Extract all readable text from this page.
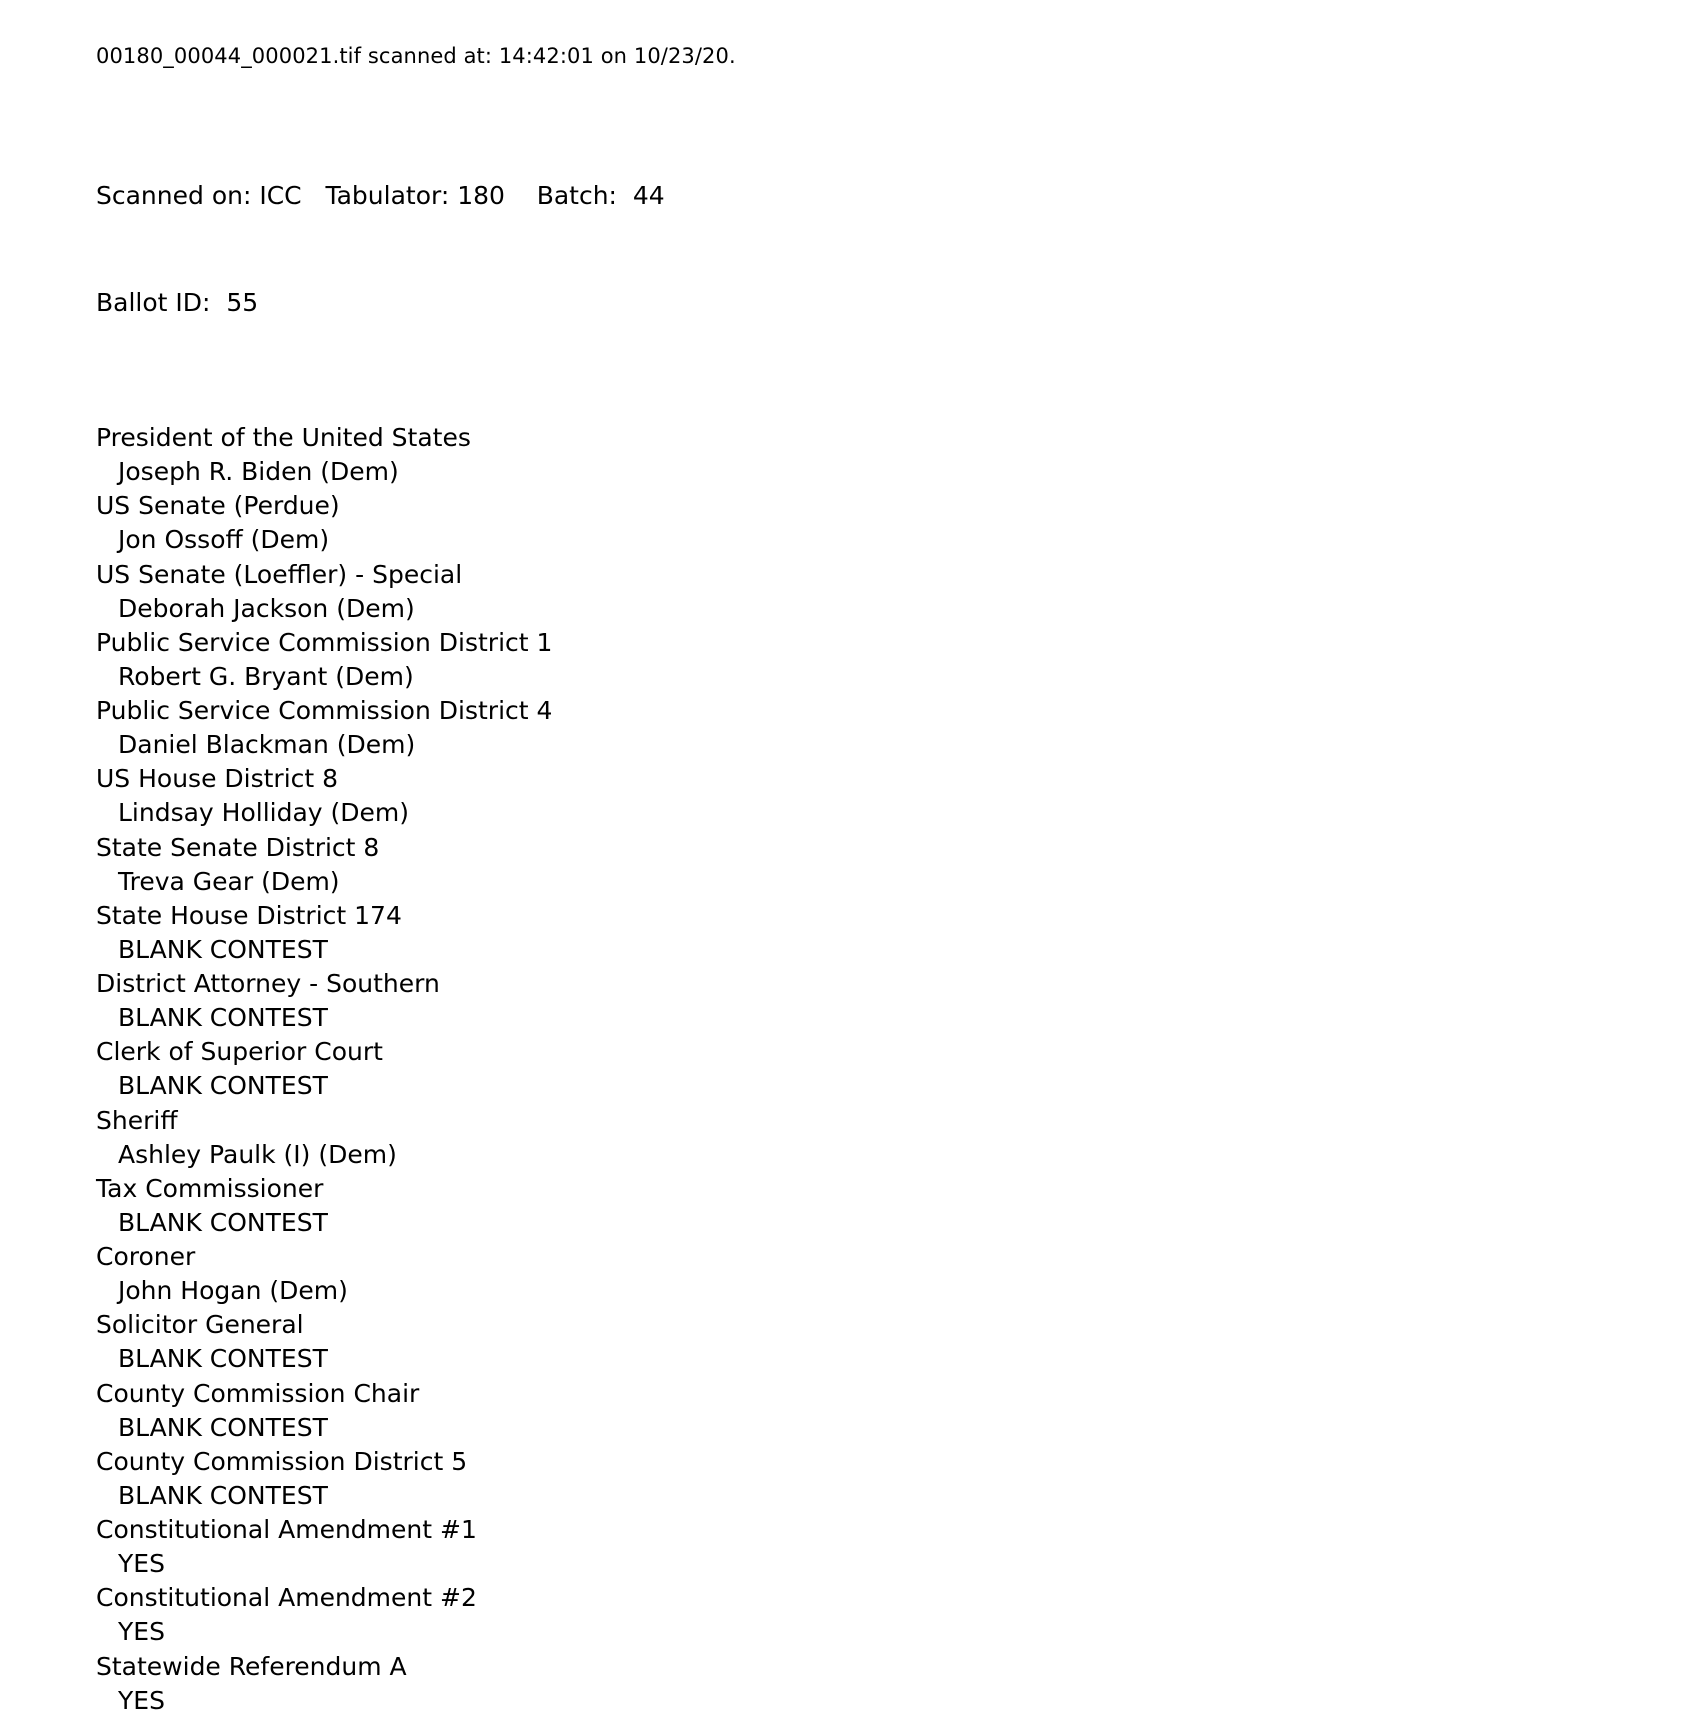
00180_00044_000021.tif scanned at: 14:42:01 on 10/23/20.

Scanned on: ICC   Tabulator: 180    Batch:  44

Ballot ID:  55

President of the United States
Joseph R. Biden (Dem)
US Senate (Perdue)
Jon Ossoff (Dem)
US Senate (Loeffler) - Special
Deborah Jackson (Dem)
Public Service Commission District 1
Robert G. Bryant (Dem)
Public Service Commission District 4
Daniel Blackman (Dem)
US House District 8
Lindsay Holliday (Dem)
State Senate District 8
Treva Gear (Dem)
State House District 174
BLANK CONTEST
District Attorney - Southern
BLANK CONTEST
Clerk of Superior Court
BLANK CONTEST
Sheriff
Ashley Paulk (I) (Dem)
Tax Commissioner
BLANK CONTEST
Coroner
John Hogan (Dem)
Solicitor General
BLANK CONTEST
County Commission Chair
BLANK CONTEST
County Commission District 5
BLANK CONTEST
Constitutional Amendment #1
YES
Constitutional Amendment #2
YES
Statewide Referendum A
YES
